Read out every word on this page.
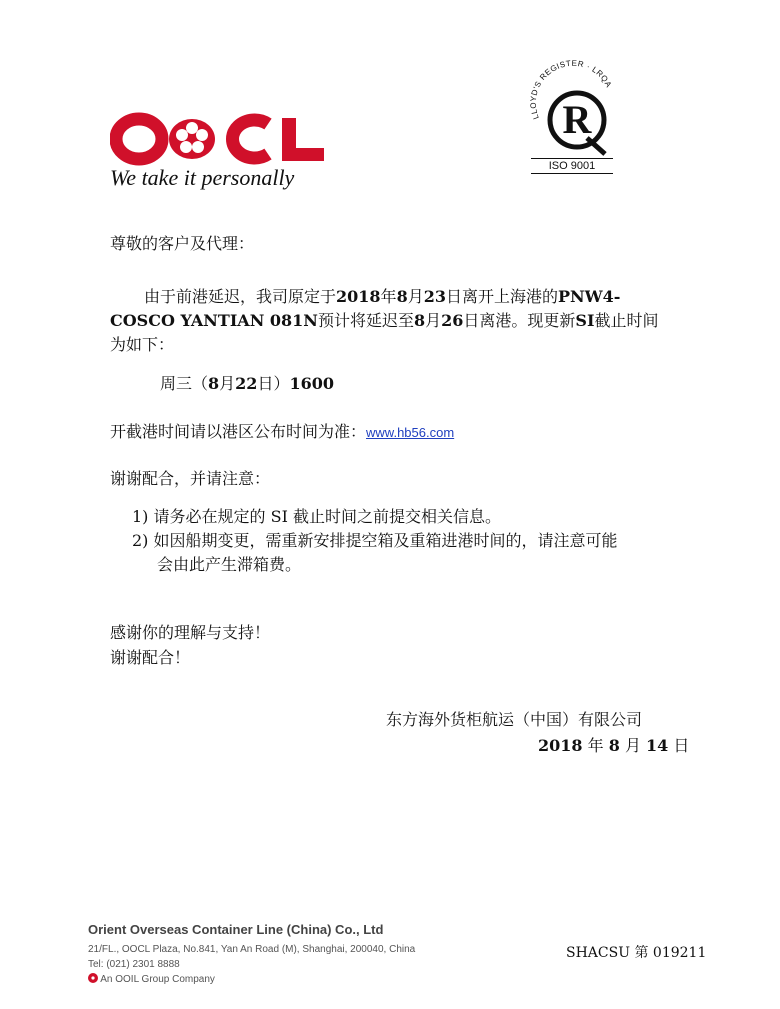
We take it personally
LLOYD'S REGISTER · LRQA
R
ISO 9001
尊敬的客户及代理：
由于前港延迟，我司原定于2018年8月23日离开上海港的PNW4-
COSCO YANTIAN 081N预计将延迟至8月26日离港。现更新SI截止时间
为如下：
周三（8月22日）1600
开截港时间请以港区公布时间为准：www.hb56.com
谢谢配合，并请注意：
1) 请务必在规定的 SI 截止时间之前提交相关信息。
2) 如因船期变更，需重新安排提空箱及重箱进港时间的，请注意可能
会由此产生滞箱费。
感谢你的理解与支持！
谢谢配合！
东方海外货柜航运（中国）有限公司
2018 年 8 月 14 日
Orient Overseas Container Line (China) Co., Ltd
21/FL., OOCL Plaza, No.841, Yan An Road (M), Shanghai, 200040, China
Tel: (021) 2301 8888
An OOIL Group Company
SHACSU 第 019211
